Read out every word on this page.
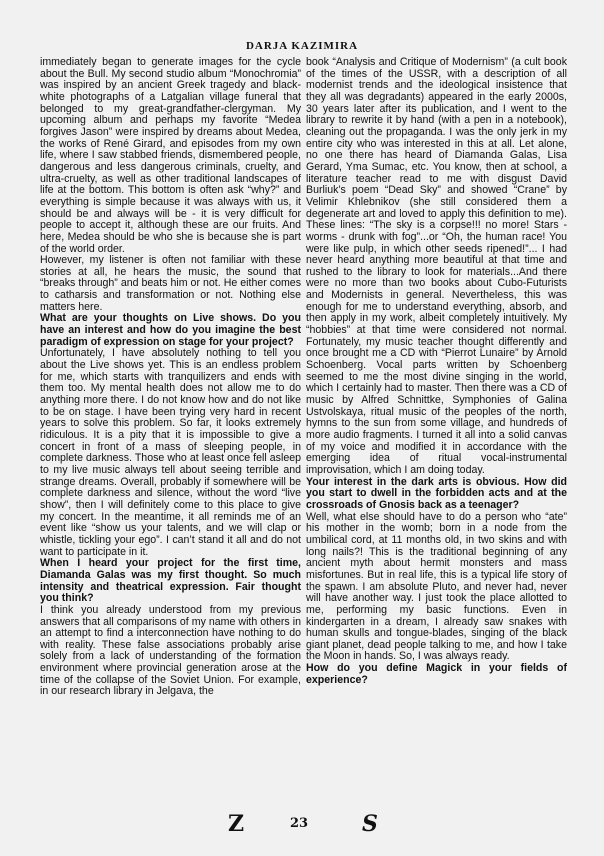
DARJA KAZIMIRA

immediately began to generate images for the cycle about the Bull. My second studio album “Monochromia” was inspired by an ancient Greek tragedy and black-white photographs of a Latgalian village funeral that belonged to my great-grandfather-clergyman. My upcoming album and perhaps my favorite “Medea forgives Jason” were inspired by dreams about Medea, the works of René Girard, and episodes from my own life, where I saw stabbed friends, dismembered people, dangerous and less dangerous criminals, cruelty, and ultra-cruelty, as well as other traditional landscapes of life at the bottom. This bottom is often ask “why?” and everything is simple because it was always with us, it should be and always will be - it is very difficult for people to accept it, although these are our fruits. And here, Medea should be who she is because she is part of the world order.

However, my listener is often not familiar with these stories at all, he hears the music, the sound that “breaks through” and beats him or not. He either comes to catharsis and transformation or not. Nothing else matters here.

What are your thoughts on Live shows. Do you have an interest and how do you imagine the best paradigm of expression on stage for your project?

Unfortunately, I have absolutely nothing to tell you about the Live shows yet. This is an endless problem for me, which starts with tranquilizers and ends with them too. My mental health does not allow me to do anything more there. I do not know how and do not like to be on stage. I have been trying very hard in recent years to solve this problem. So far, it looks extremely ridiculous. It is a pity that it is impossible to give a concert in front of a mass of sleeping people, in complete darkness. Those who at least once fell asleep to my live music always tell about seeing terrible and strange dreams. Overall, probably if somewhere will be complete darkness and silence, without the word “live show”, then I will definitely come to this place to give my concert. In the meantime, it all reminds me of an event like “show us your talents, and we will clap or whistle, tickling your ego”. I can’t stand it all and do not want to participate in it.

When I heard your project for the first time, Diamanda Galas was my first thought. So much intensity and theatrical expression. Fair thought you think?

I think you already understood from my previous answers that all comparisons of my name with others in an attempt to find a interconnection have nothing to do with reality. These false associations probably arise solely from a lack of understanding of the formation environment where provincial generation arose at the time of the collapse of the Soviet Union. For example, in our research library in Jelgava, the

book “Analysis and Critique of Modernism” (a cult book of the times of the USSR, with a description of all modernist trends and the ideological insistence that they all was degradants) appeared in the early 2000s, 30 years later after its publication, and I went to the library to rewrite it by hand (with a pen in a notebook), cleaning out the propaganda. I was the only jerk in my entire city who was interested in this at all. Let alone, no one there has heard of Diamanda Galas, Lisa Gerard, Yma Sumac, etc. You know, then at school, a literature teacher read to me with disgust David Burliuk’s poem “Dead Sky” and showed “Crane” by Velimir Khlebnikov (she still considered them a degenerate art and loved to apply this definition to me). These lines: “The sky is a corpse!!! no more! Stars - worms - drunk with fog”...or “Oh, the human race! You were like pulp, in which other seeds ripened!”... I had never heard anything more beautiful at that time and rushed to the library to look for materials...And there were no more than two books about Cubo-Futurists and Modernists in general. Nevertheless, this was enough for me to understand everything, absorb, and then apply in my work, albeit completely intuitively. My “hobbies” at that time were considered not normal. Fortunately, my music teacher thought differently and once brought me a CD with “Pierrot Lunaire” by Arnold Schoenberg. Vocal parts written by Schoenberg seemed to me the most divine singing in the world, which I certainly had to master. Then there was a CD of music by Alfred Schnittke, Symphonies of Galina Ustvolskaya, ritual music of the peoples of the north, hymns to the sun from some village, and hundreds of more audio fragments. I turned it all into a solid canvas of my voice and modified it in accordance with the emerging idea of ritual vocal-instrumental improvisation, which I am doing today.

Your interest in the dark arts is obvious. How did you start to dwell in the forbidden acts and at the crossroads of Gnosis back as a teenager?

Well, what else should have to do a person who “ate” his mother in the womb; born in a node from the umbilical cord, at 11 months old, in two skins and with long nails?! This is the traditional beginning of any ancient myth about hermit monsters and mass misfortunes. But in real life, this is a typical life story of the spawn. I am absolute Pluto, and never had, never will have another way. I just took the place allotted to me, performing my basic functions. Even in kindergarten in a dream, I already saw snakes with human skulls and tongue-blades, singing of the black giant planet, dead people talking to me, and how I take the Moon in hands. So, I was always ready.

How do you define Magick in your fields of experience?

Z	23 S
